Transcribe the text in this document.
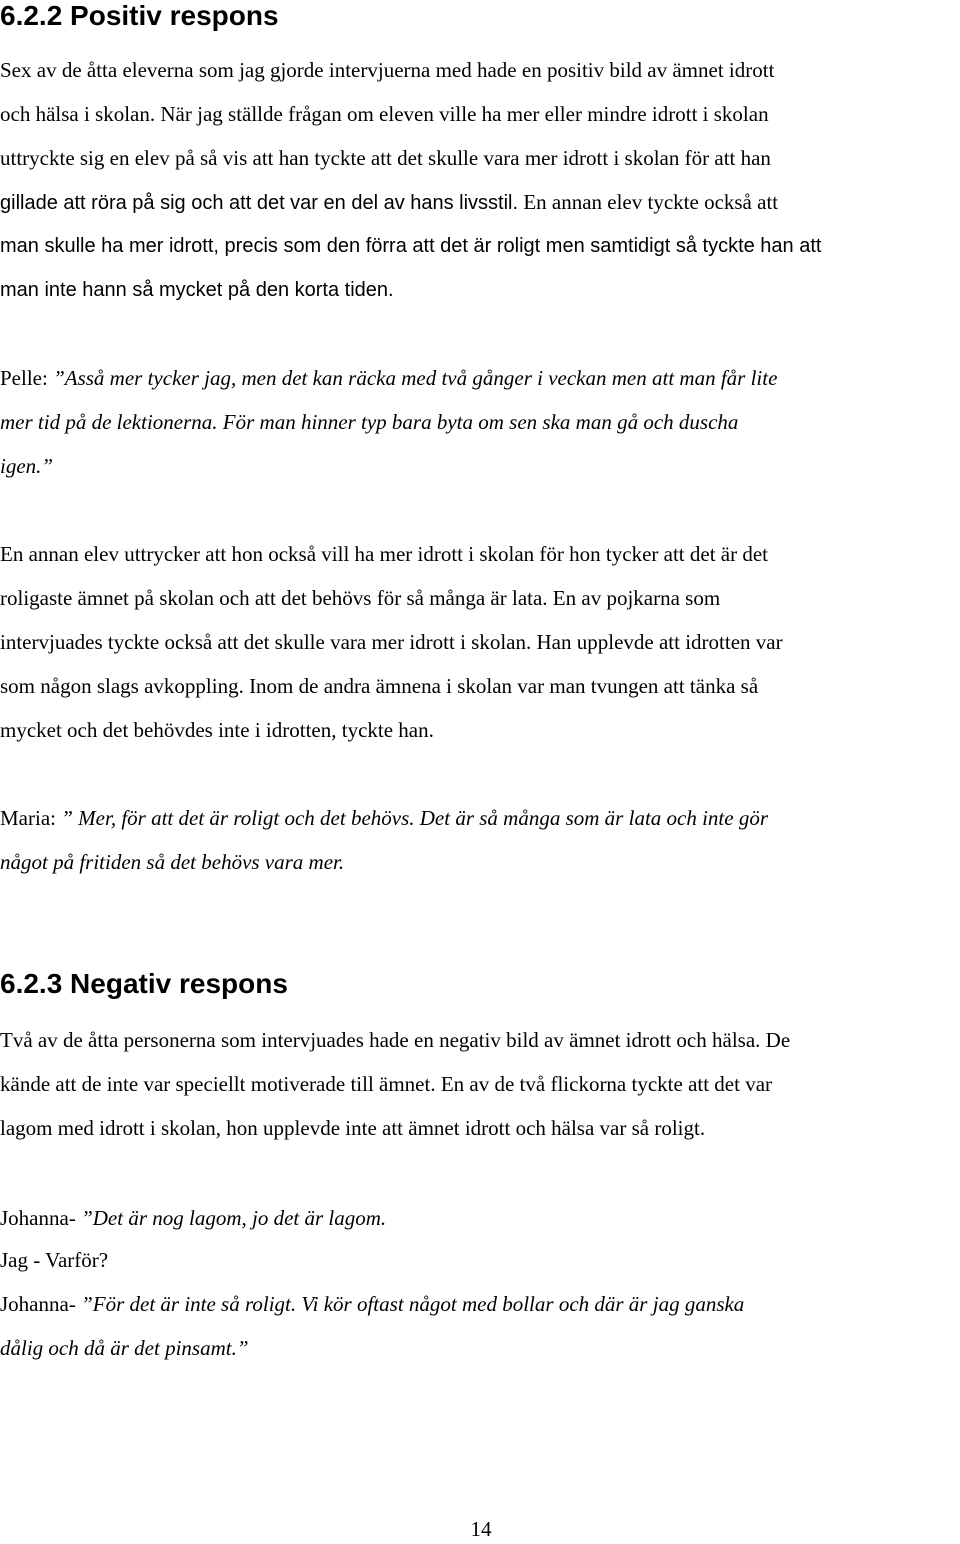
6.2.2 Positiv respons
Sex av de åtta eleverna som jag gjorde intervjuerna med hade en positiv bild av ämnet idrott
och hälsa i skolan. När jag ställde frågan om eleven ville ha mer eller mindre idrott i skolan
uttryckte sig en elev på så vis att han tyckte att det skulle vara mer idrott i skolan för att han
gillade att röra på sig och att det var en del av hans livsstil. En annan elev tyckte också att
man skulle ha mer idrott, precis som den förra att det är roligt men samtidigt så tyckte han att
man inte hann så mycket på den korta tiden.
Pelle: ”Asså mer tycker jag, men det kan räcka med två gånger i veckan men att man får lite
mer tid på de lektionerna. För man hinner typ bara byta om sen ska man gå och duscha
igen.”
En annan elev uttrycker att hon också vill ha mer idrott i skolan för hon tycker att det är det
roligaste ämnet på skolan och att det behövs för så många är lata. En av pojkarna som
intervjuades tyckte också att det skulle vara mer idrott i skolan. Han upplevde att idrotten var
som någon slags avkoppling. Inom de andra ämnena i skolan var man tvungen att tänka så
mycket och det behövdes inte i idrotten, tyckte han.
Maria: ” Mer, för att det är roligt och det behövs. Det är så många som är lata och inte gör
något på fritiden så det behövs vara mer.
6.2.3 Negativ respons
Två av de åtta personerna som intervjuades hade en negativ bild av ämnet idrott och hälsa. De
kände att de inte var speciellt motiverade till ämnet. En av de två flickorna tyckte att det var
lagom med idrott i skolan, hon upplevde inte att ämnet idrott och hälsa var så roligt.
Johanna- ”Det är nog lagom, jo det är lagom.
Jag - Varför?
Johanna- ”För det är inte så roligt. Vi kör oftast något med bollar och där är jag ganska
dålig och då är det pinsamt.”
14
